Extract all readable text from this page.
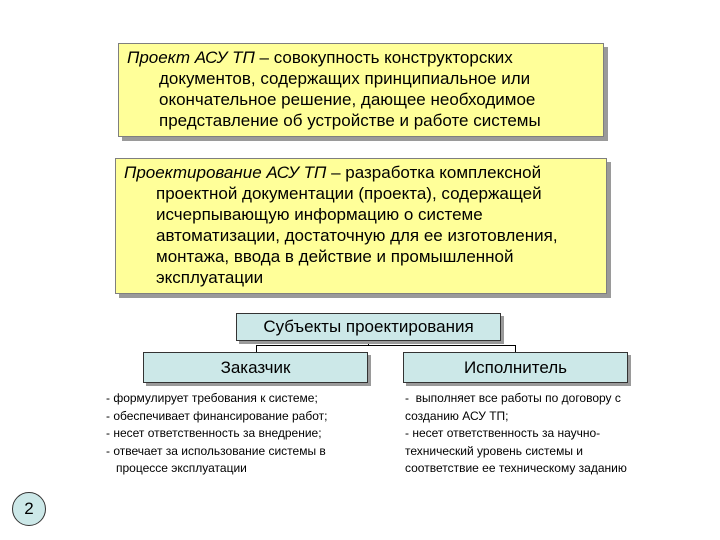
Проект АСУ ТП – совокупность конструкторских
документов, содержащих принципиальное или
окончательное решение, дающее необходимое
представление об устройстве и работе системы
Проектирование АСУ ТП – разработка комплексной
проектной документации (проекта), содержащей
исчерпывающую информацию о системе
автоматизации, достаточную для ее изготовления,
монтажа, ввода в действие и промышленной
эксплуатации
Субъекты проектирования
Заказчик	Исполнитель
- формулирует требования к системе;
- обеспечивает финансирование работ;
- несет ответственность за внедрение;
- отвечает за использование системы в
процессе эксплуатации
-  выполняет все работы по договору с
созданию АСУ ТП;
- несет ответственность за научно-
технический уровень системы и
соответствие ее техническому заданию
2
